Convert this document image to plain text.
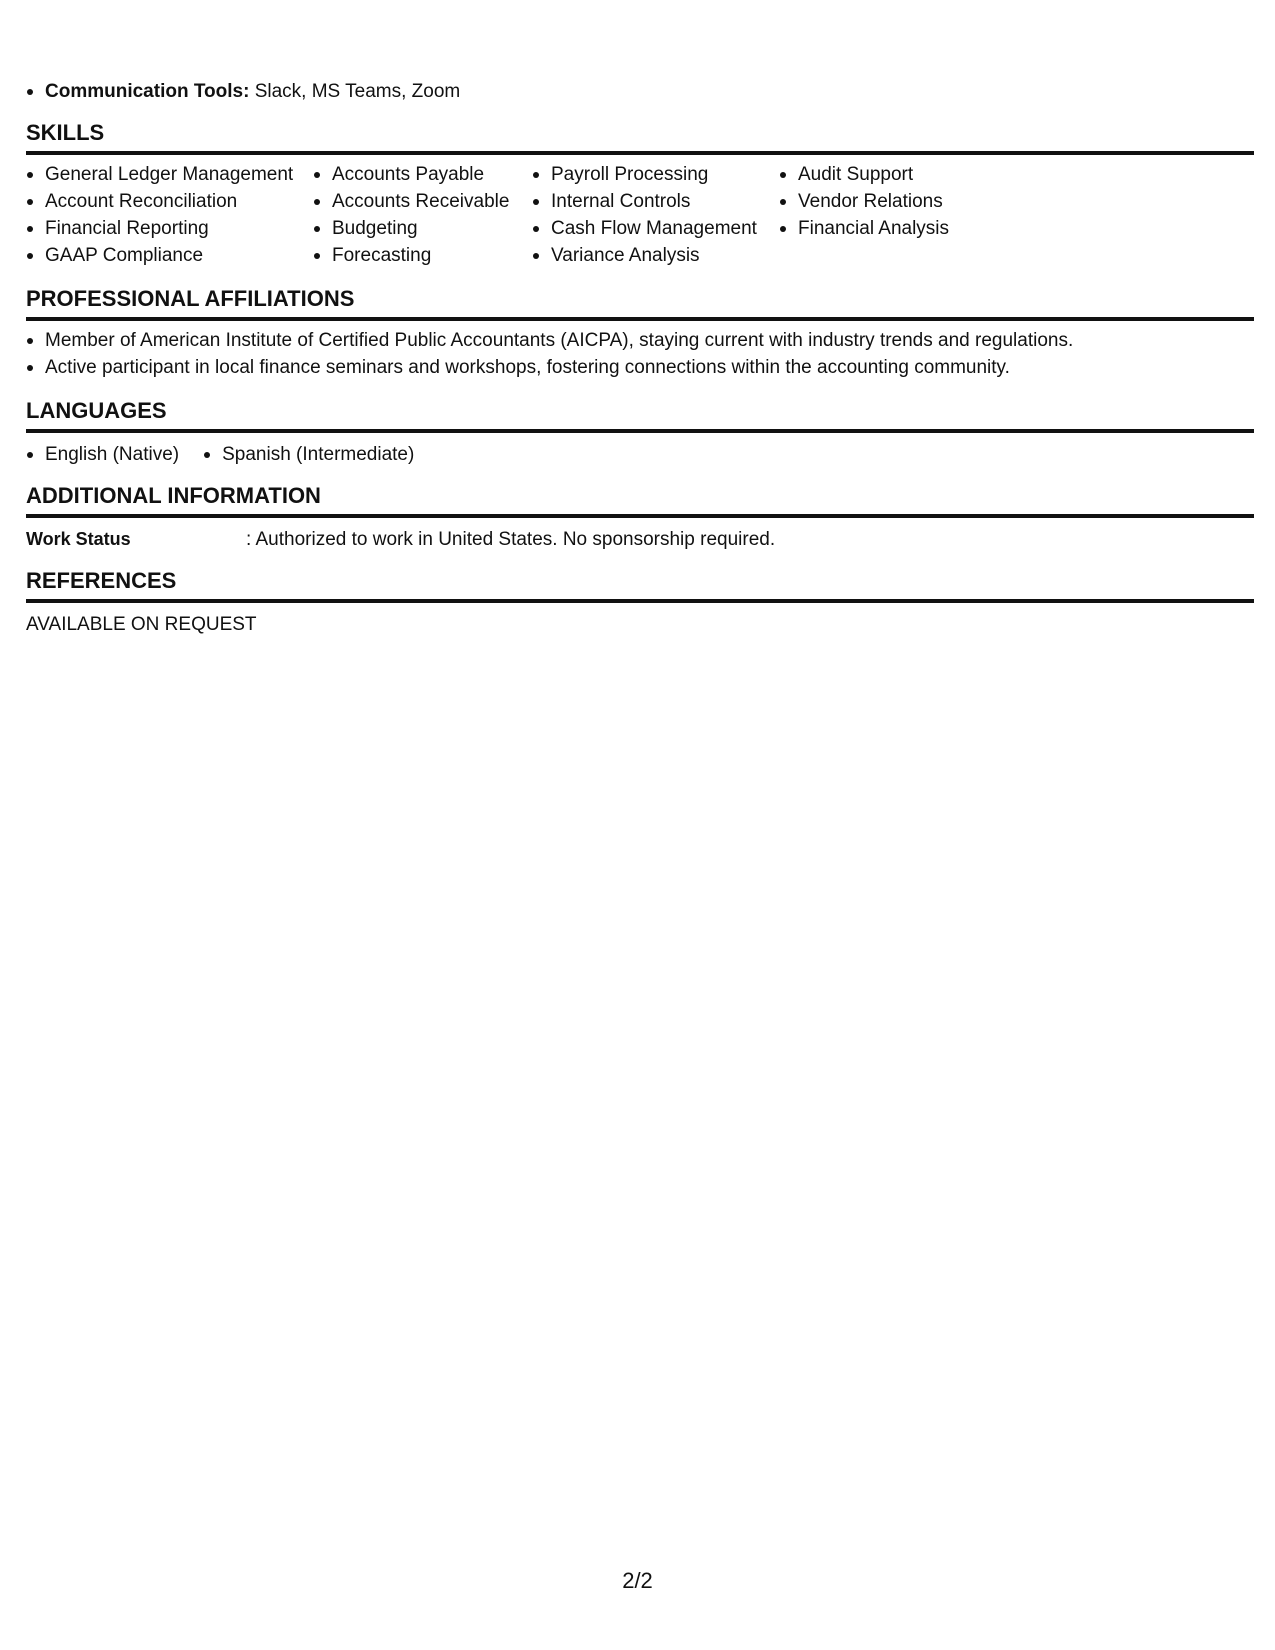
Communication Tools: Slack, MS Teams, Zoom
SKILLS
General Ledger Management
Account Reconciliation
Financial Reporting
GAAP Compliance
Accounts Payable
Accounts Receivable
Budgeting
Forecasting
Payroll Processing
Internal Controls
Cash Flow Management
Variance Analysis
Audit Support
Vendor Relations
Financial Analysis
PROFESSIONAL AFFILIATIONS
Member of American Institute of Certified Public Accountants (AICPA), staying current with industry trends and regulations.
Active participant in local finance seminars and workshops, fostering connections within the accounting community.
LANGUAGES
English (Native)	Spanish (Intermediate)
ADDITIONAL INFORMATION
Work Status	: Authorized to work in United States. No sponsorship required.
REFERENCES
AVAILABLE ON REQUEST
2/2
